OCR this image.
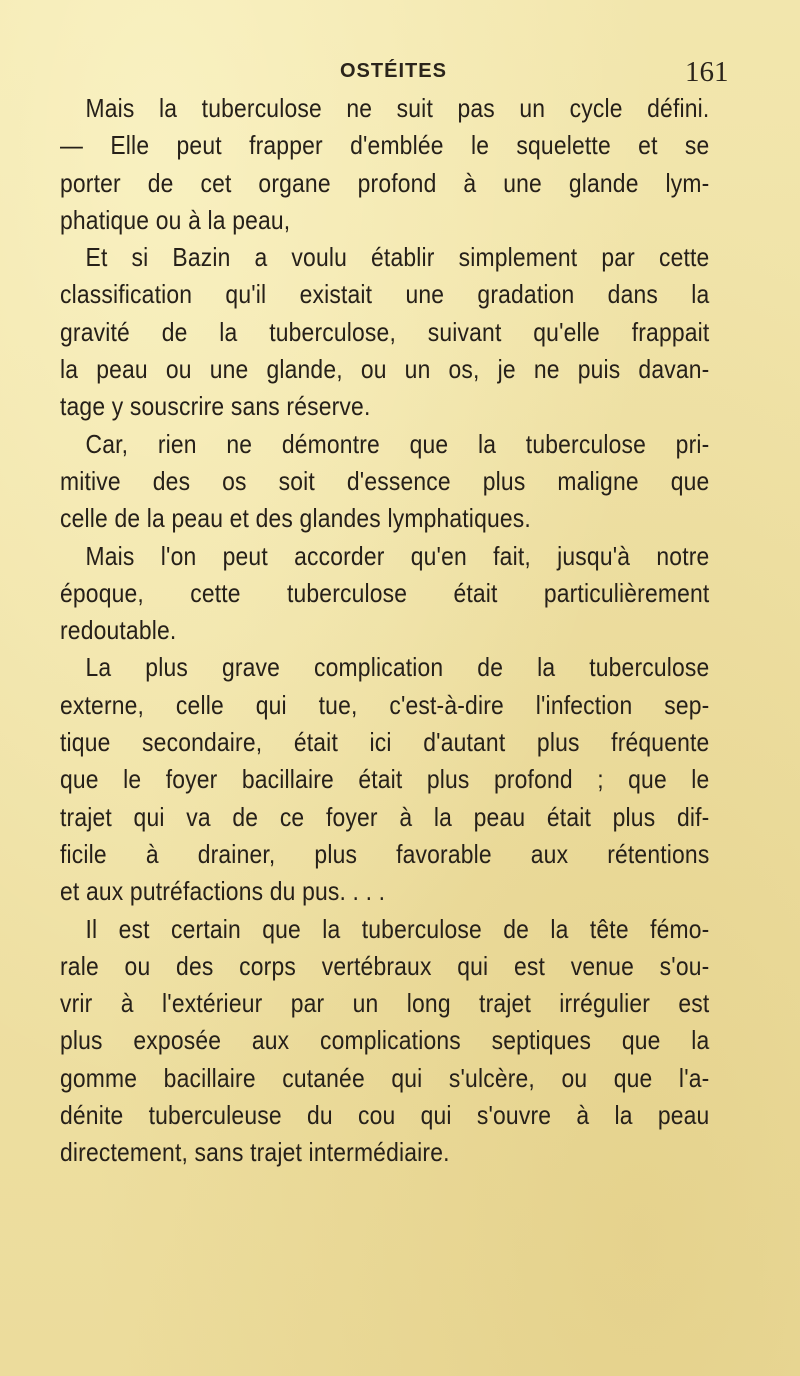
OSTÉITES	161
Mais la tuberculose ne suit pas un cycle défini.
— Elle peut frapper d'emblée le squelette et se
porter de cet organe profond à une glande lym-
phatique ou à la peau,
Et si Bazin a voulu établir simplement par cette
classification qu'il existait une gradation dans la
gravité de la tuberculose, suivant qu'elle frappait
la peau ou une glande, ou un os, je ne puis davan-
tage y souscrire sans réserve.
Car, rien ne démontre que la tuberculose pri-
mitive des os soit d'essence plus maligne que
celle de la peau et des glandes lymphatiques.
Mais l'on peut accorder qu'en fait, jusqu'à notre
époque, cette tuberculose était particulièrement
redoutable.
La plus grave complication de la tuberculose
externe, celle qui tue, c'est-à-dire l'infection sep-
tique secondaire, était ici d'autant plus fréquente
que le foyer bacillaire était plus profond ; que le
trajet qui va de ce foyer à la peau était plus dif-
ficile à drainer, plus favorable aux rétentions
et aux putréfactions du pus. . . .
Il est certain que la tuberculose de la tête fémo-
rale ou des corps vertébraux qui est venue s'ou-
vrir à l'extérieur par un long trajet irrégulier est
plus exposée aux complications septiques que la
gomme bacillaire cutanée qui s'ulcère, ou que l'a-
dénite tuberculeuse du cou qui s'ouvre à la peau
directement, sans trajet intermédiaire.
